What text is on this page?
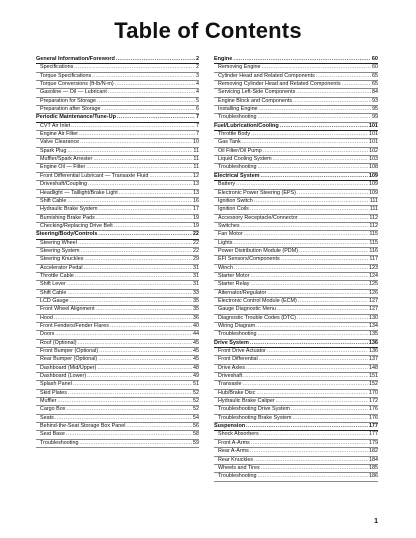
Table of Contents
General Information/Foreword . . .	2
Specifications . . .	2
Torque Specifications . . .	3
Torque Conversions (ft-lb/N-m) . . .	4
Gasoline — Oil — Lubricant . . .	4
Preparation for Storage . . .	5
Preparation after Storage . . .	6
Periodic Maintenance/Tune-Up . . .	7
CVT Air Inlet . . .	7
Engine Air Filter . . .	7
Valve Clearance . . .	10
Spark Plug . . .	11
Muffler/Spark Arrester . . .	11
Engine Oil — Filter . . .	11
Front Differential Lubricant — Transaxle Fluid . . .	12
Driveshaft/Coupling . . .	13
Headlight — Taillight/Brake Light . . .	13
Shift Cable . . .	16
Hydraulic Brake System . . .	17
Burnishing Brake Pads . . .	19
Checking/Replacing Drive Belt . . .	19
Steering/Body/Controls . . .	22
Steering Wheel . . .	22
Steering System . . .	22
Steering Knuckles . . .	29
Accelerator Pedal . . .	31
Throttle Cable . . .	31
Shift Lever . . .	31
Shift Cable . . .	33
LCD Gauge . . .	35
Front Wheel Alignment . . .	35
Hood . . .	36
Front Fenders/Fender Flares . . .	40
Doors . . .	44
Roof (Optional) . . .	45
Front Bumper (Optional) . . .	45
Rear Bumper (Optional) . . .	45
Dashboard (Mid/Upper) . . .	48
Dashboard (Lower) . . .	49
Splash Panel . . .	51
Skid Plates . . .	52
Muffler . . .	52
Cargo Box . . .	52
Seats . . .	54
Behind-the-Seat Storage Box Panel . . .	56
Seat Base . . .	58
Troubleshooting . . .	59
Engine . . .	60
Removing Engine . . .	60
Cylinder Head and Related Components . . .	65
Removing Cylinder Head and Related Components . . .	65
Servicing Left-Side Components . . .	84
Engine Block and Components . . .	93
Installing Engine . . .	95
Troubleshooting . . .	99
Fuel/Lubrication/Cooling . . .	101
Throttle Body . . .	101
Gas Tank . . .	101
Oil Filter/Oil Pump . . .	102
Liquid Cooling System . . .	103
Troubleshooting . . .	108
Electrical System . . .	109
Battery . . .	109
Electronic Power Steering (EPS) . . .	109
Ignition Switch . . .	111
Ignition Coils . . .	111
Accessory Receptacle/Connector . . .	112
Switches . . .	112
Fan Motor . . .	115
Lights . . .	115
Power Distribution Module (PDM) . . .	116
EFI Sensors/Components . . .	117
Winch . . .	123
Starter Motor . . .	124
Starter Relay . . .	125
Alternator/Regulator . . .	126
Electronic Control Module (ECM) . . .	127
Gauge Diagnostic Menu . . .	127
Diagnostic Trouble Codes (DTC) . . .	130
Wiring Diagram . . .	134
Troubleshooting . . .	135
Drive System . . .	136
Front Drive Actuator . . .	136
Front Differential . . .	137
Drive Axles . . .	148
Driveshaft . . .	151
Transaxle . . .	152
Hub/Brake Disc . . .	170
Hydraulic Brake Caliper . . .	172
Troubleshooting Drive System . . .	176
Troubleshooting Brake System . . .	176
Suspension . . .	177
Shock Absorbers . . .	177
Front A-Arms . . .	179
Rear A-Arms . . .	182
Rear Knuckles . . .	184
Wheels and Tires . . .	185
Troubleshooting . . .	186
1
